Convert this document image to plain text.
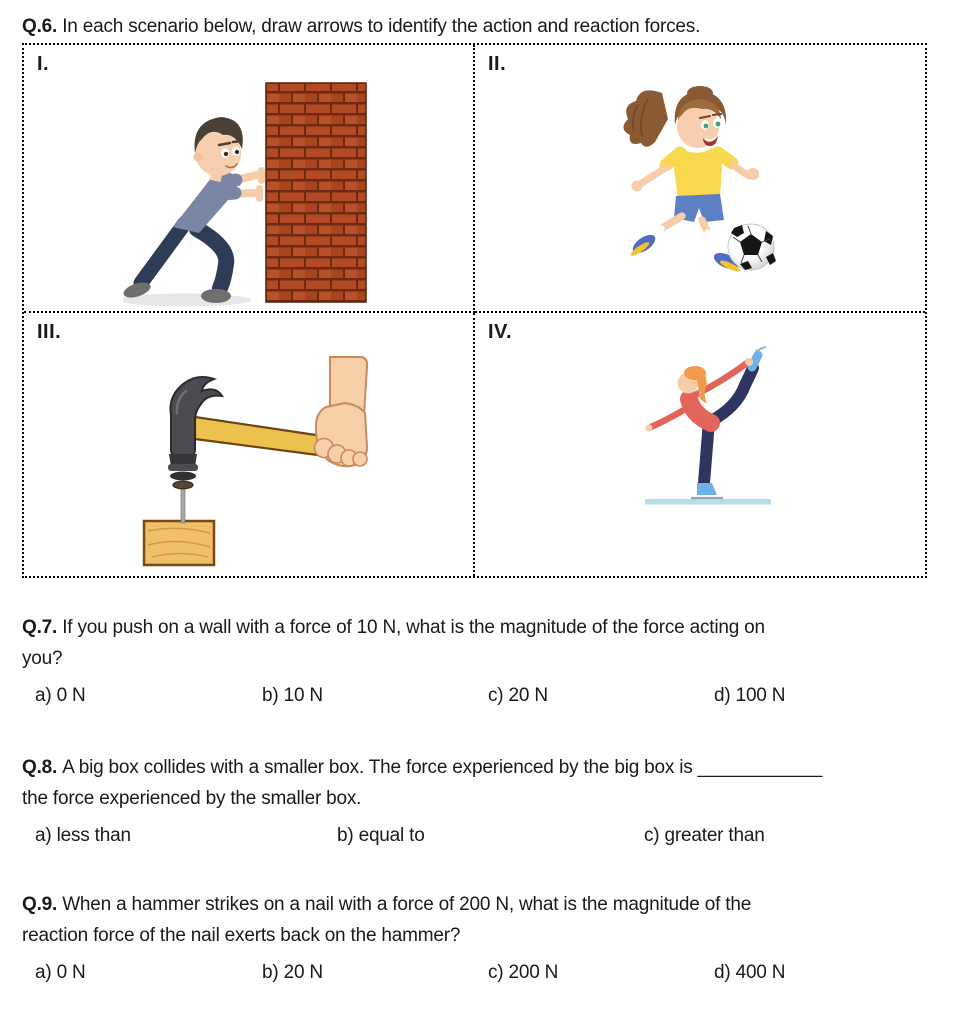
Q.6. In each scenario below, draw arrows to identify the action and reaction forces.
I.	II.
III.	IV.
Q.7. If you push on a wall with a force of 10 N, what is the magnitude of the force acting on
you?
a) 0 N	b) 10 N	c) 20 N	d) 100 N
Q.8. A big box collides with a smaller box. The force experienced by the big box is ____________
the force experienced by the smaller box.
a) less than	b) equal to	c) greater than
Q.9. When a hammer strikes on a nail with a force of 200 N, what is the magnitude of the
reaction force of the nail exerts back on the hammer?
a) 0 N	b) 20 N	c) 200 N	d) 400 N
